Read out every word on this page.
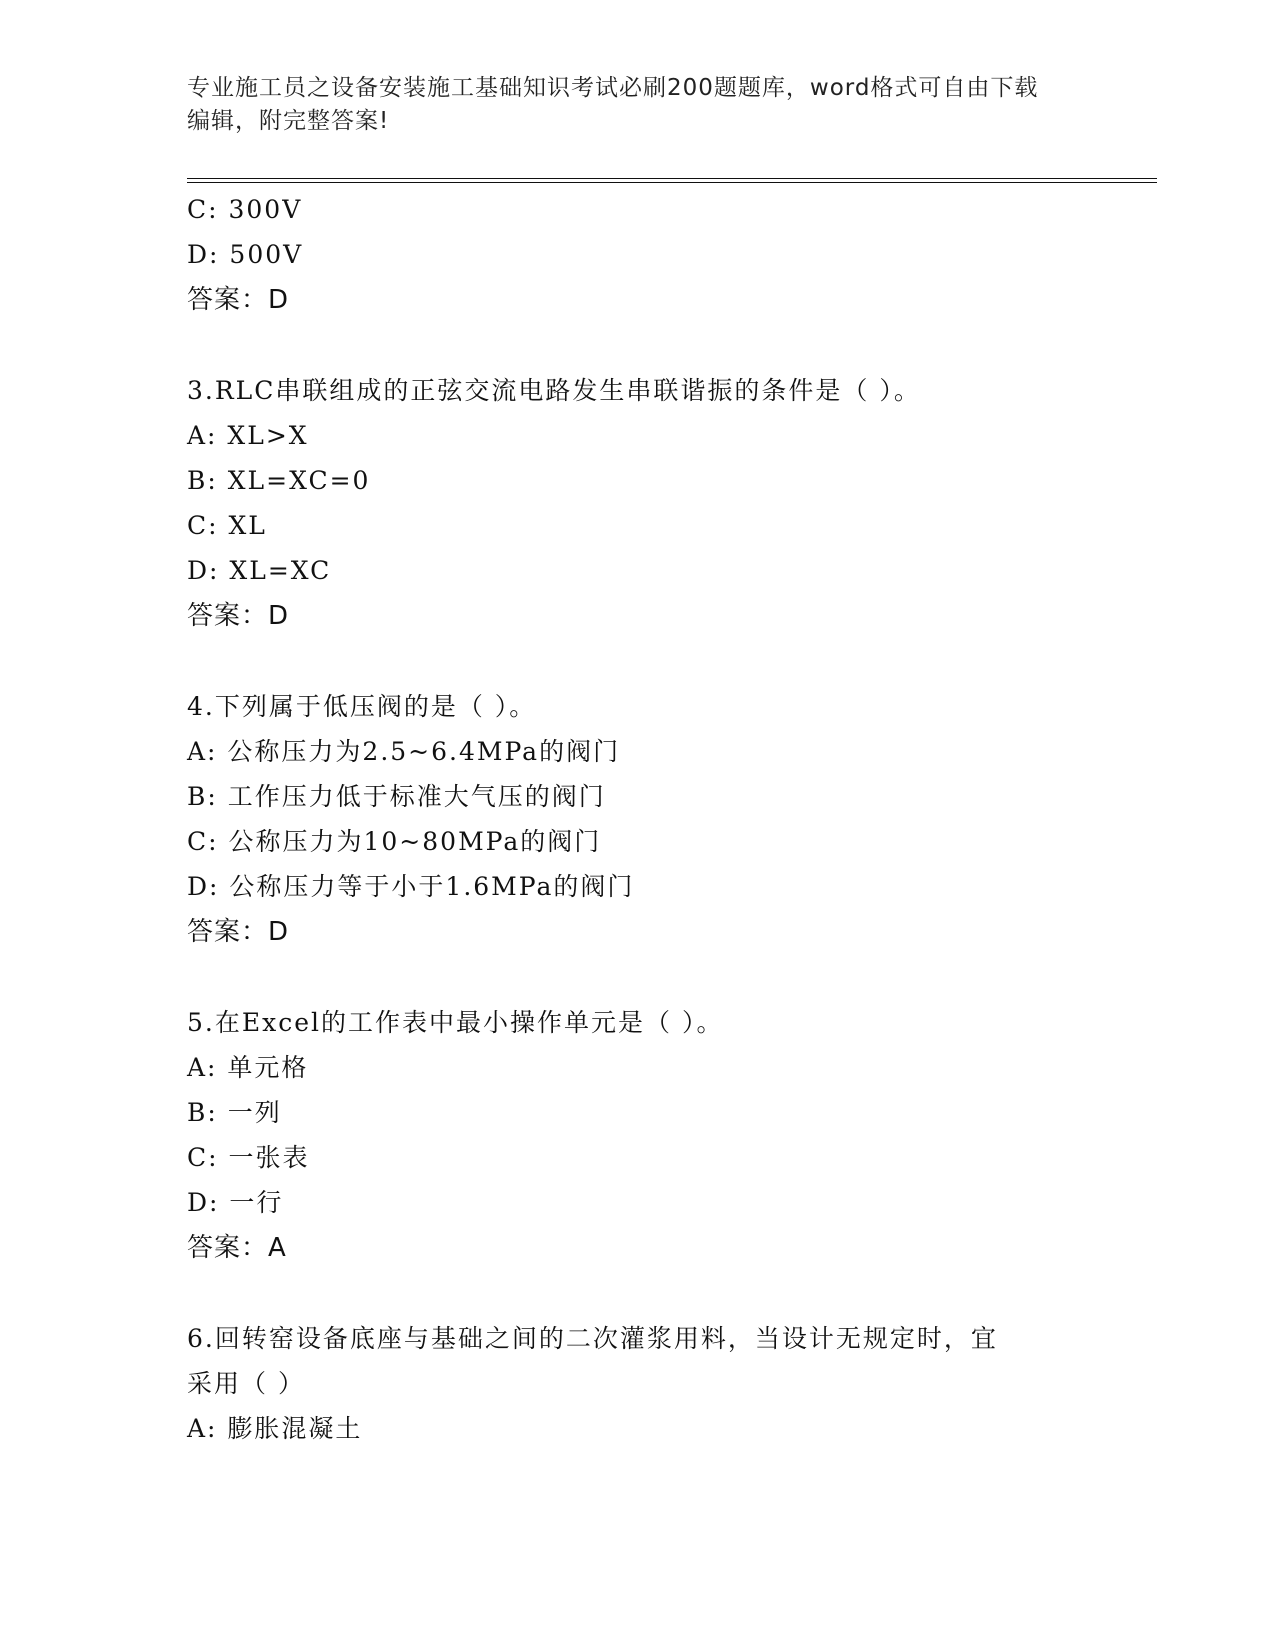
专业施工员之设备安装施工基础知识考试必刷200题题库，word格式可自由下载
编辑，附完整答案!
C: 300V
D: 500V
答案：D
3.RLC串联组成的正弦交流电路发生串联谐振的条件是（ ）。
A: XL>X
B: XL=XC=0
C: XL
D: XL=XC
答案：D
4.下列属于低压阀的是（ ）。
A: 公称压力为2.5~6.4MPa的阀门
B: 工作压力低于标准大气压的阀门
C: 公称压力为10~80MPa的阀门
D: 公称压力等于小于1.6MPa的阀门
答案：D
5.在Excel的工作表中最小操作单元是（ ）。
A: 单元格
B: 一列
C: 一张表
D: 一行
答案：A
6.回转窑设备底座与基础之间的二次灌浆用料，当设计无规定时，宜
采用（ ）
A: 膨胀混凝土
